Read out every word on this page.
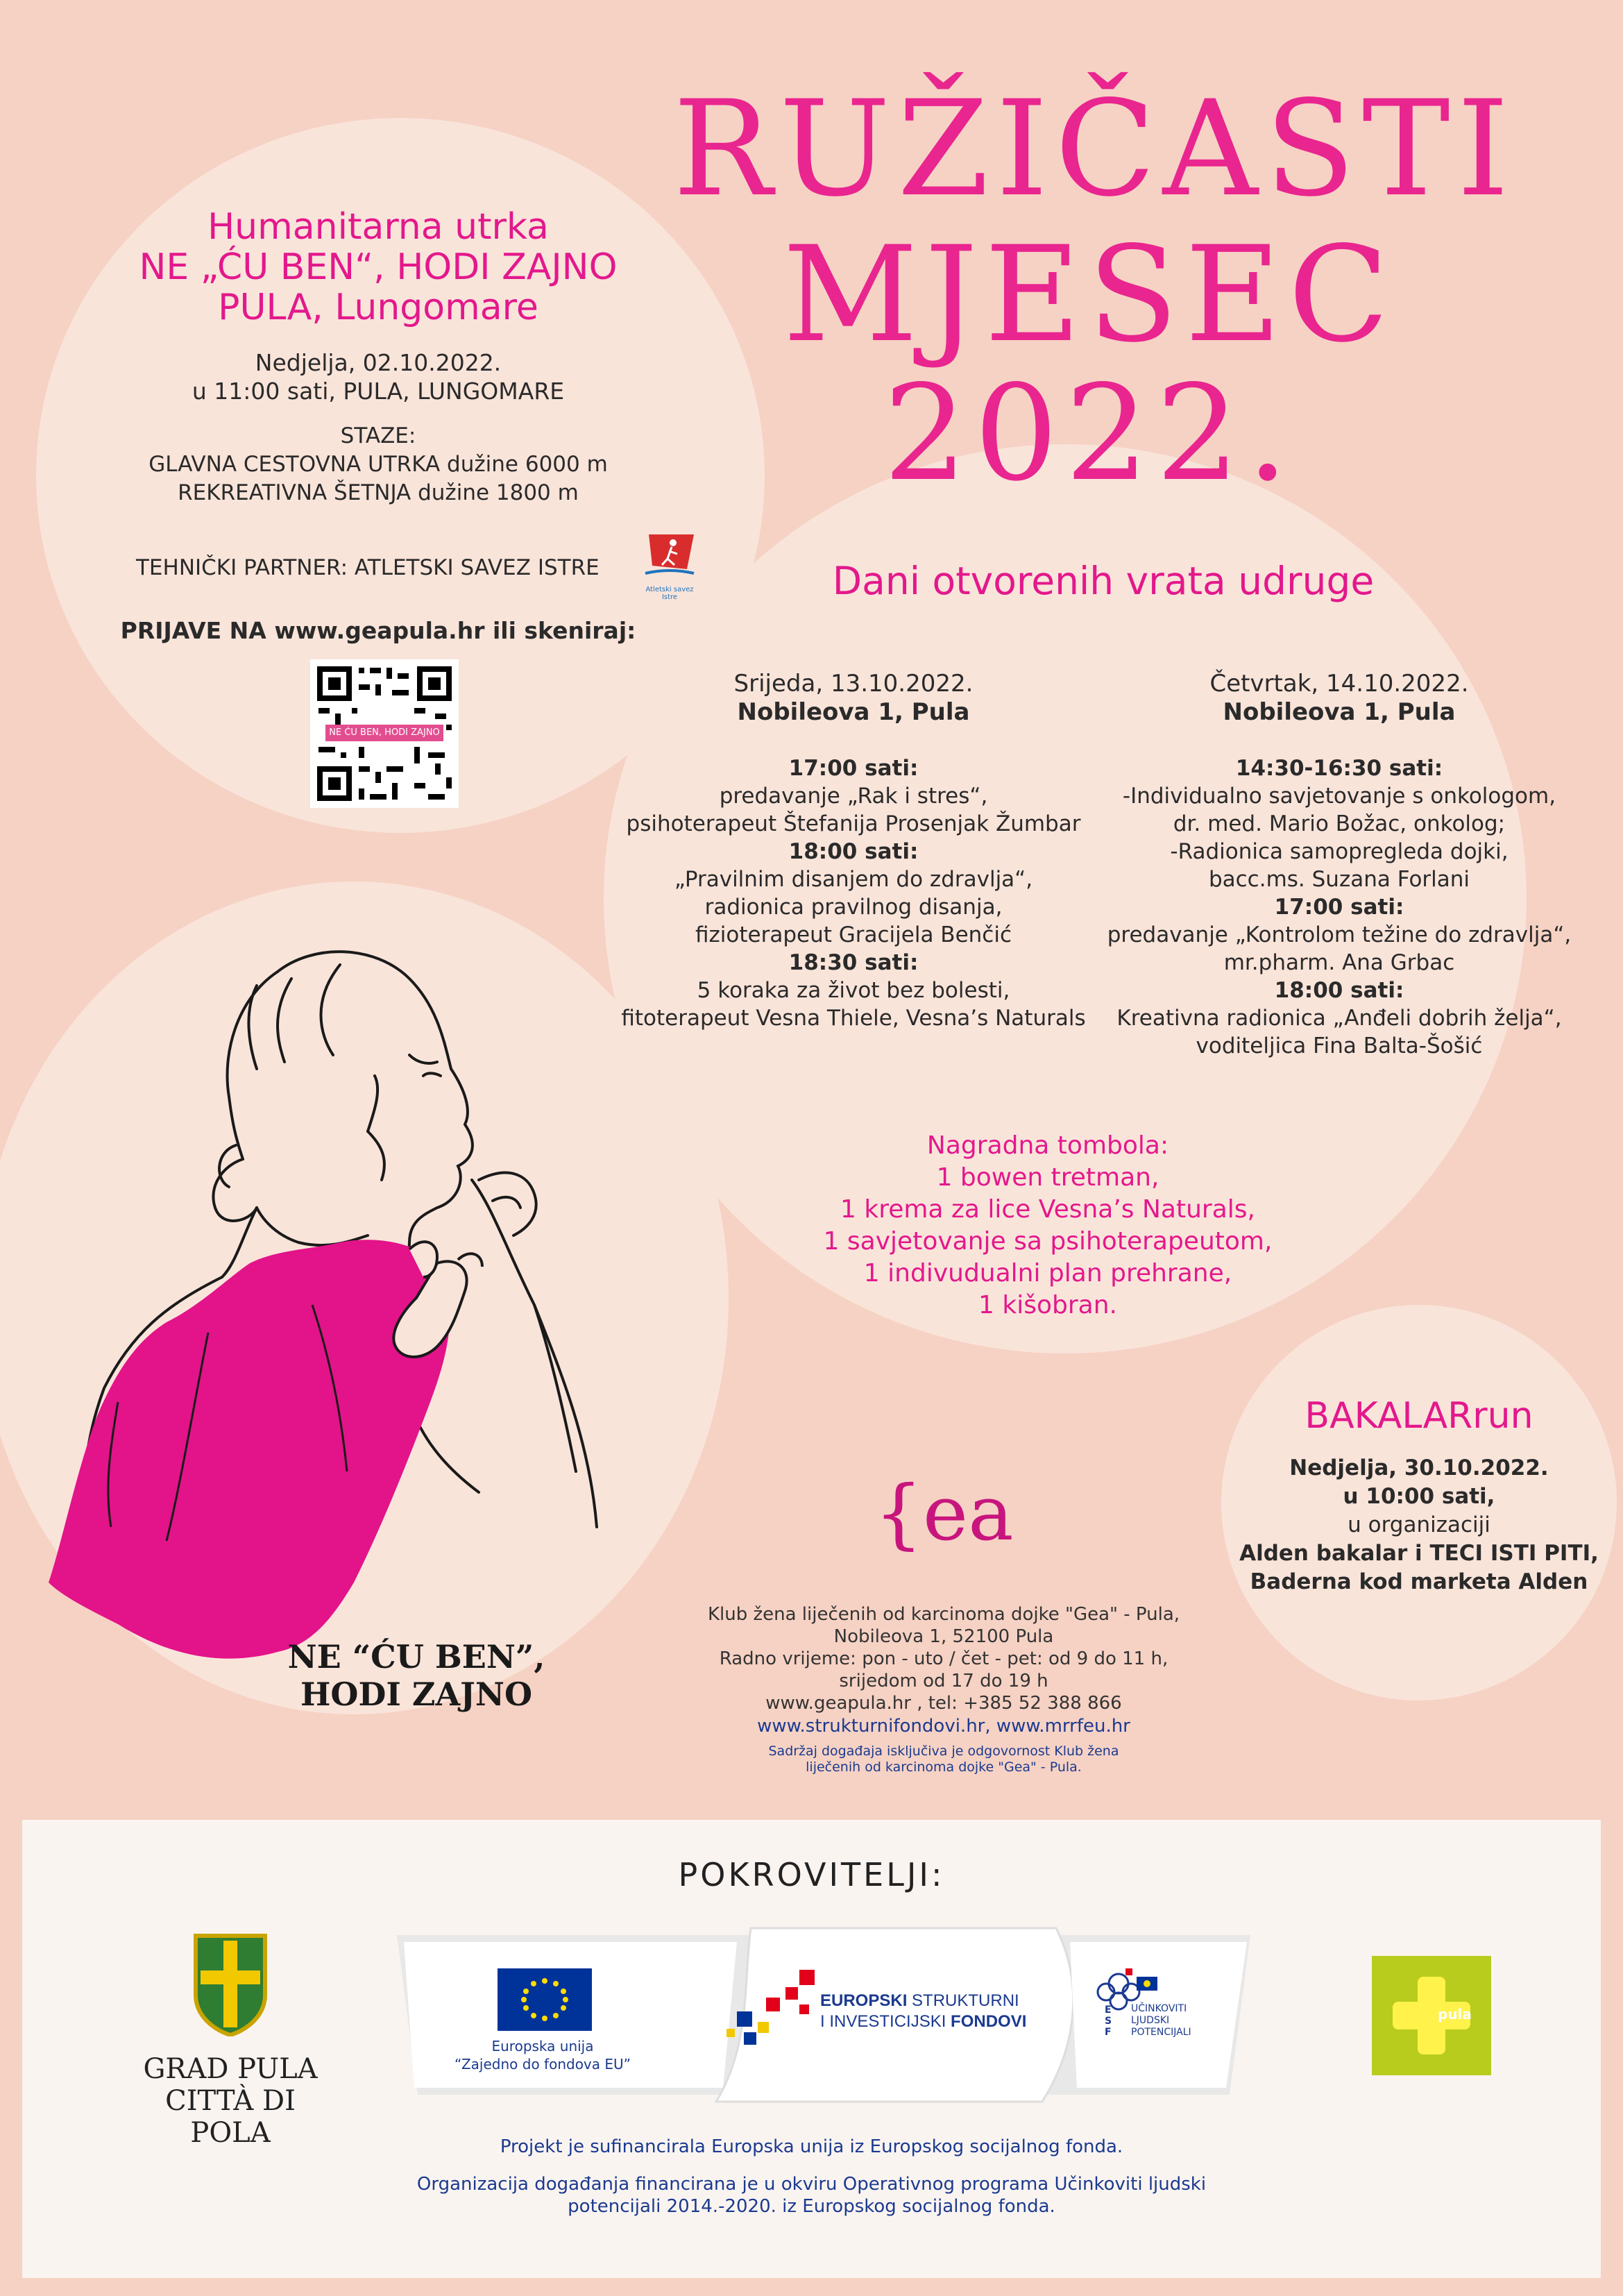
RUŽIČASTI
MJESEC
2022.
Humanitarna utrka
NE „ĆU BEN“, HODI ZAJNO
PULA, Lungomare
Nedjelja, 02.10.2022.
u 11:00 sati, PULA, LUNGOMARE
STAZE:
GLAVNA CESTOVNA UTRKA dužine 6000 m
REKREATIVNA ŠETNJA dužine 1800 m
TEHNIČKI PARTNER: ATLETSKI SAVEZ ISTRE
Atletski savez Istre
PRIJAVE NA www.geapula.hr ili skeniraj:
NE ĆU BEN, HODI ZAJNO
Dani otvorenih vrata udruge
Srijeda, 13.10.2022.
Nobileova 1, Pula
17:00 sati:
predavanje „Rak i stres“,
psihoterapeut Štefanija Prosenjak Žumbar
18:00 sati:
„Pravilnim disanjem do zdravlja“,
radionica pravilnog disanja,
fizioterapeut Gracijela Benčić
18:30 sati:
5 koraka za život bez bolesti,
fitoterapeut Vesna Thiele, Vesna’s Naturals
Četvrtak, 14.10.2022.
Nobileova 1, Pula
14:30-16:30 sati:
-Individualno savjetovanje s onkologom,
dr. med. Mario Božac, onkolog;
-Radionica samopregleda dojki,
bacc.ms. Suzana Forlani
17:00 sati:
predavanje „Kontrolom težine do zdravlja“,
mr.pharm. Ana Grbac
18:00 sati:
Kreativna radionica „Anđeli dobrih želja“,
voditeljica Fina Balta-Šošić
Nagradna tombola:
1 bowen tretman,
1 krema za lice Vesna’s Naturals,
1 savjetovanje sa psihoterapeutom,
1 indivudualni plan prehrane,
1 kišobran.
BAKALARrun
Nedjelja, 30.10.2022.
u 10:00 sati,
u organizaciji
Alden bakalar i TECI ISTI PITI,
Baderna kod marketa Alden
NE “ĆU BEN”,
HODI ZAJNO
{ea
Klub žena liječenih od karcinoma dojke "Gea" - Pula,
Nobileova 1, 52100 Pula
Radno vrijeme: pon - uto / čet - pet: od 9 do 11 h,
srijedom od 17 do 19 h
www.geapula.hr , tel: +385 52 388 866
www.strukturnifondovi.hr, www.mrrfeu.hr
Sadržaj događaja isključiva je odgovornost Klub žena
liječenih od karcinoma dojke "Gea" - Pula.
POKROVITELJI:
GRAD PULA
CITTÀ DI POLA
Europska unija
“Zajedno do fondova EU”
EUROPSKI STRUKTURNI
I INVESTICIJSKI FONDOVI
ESF
UČINKOVITI
LJUDSKI
POTENCIJALI
pula
Projekt je sufinancirala Europska unija iz Europskog socijalnog fonda.
Organizacija događanja financirana je u okviru Operativnog programa Učinkoviti ljudski
potencijali 2014.-2020. iz Europskog socijalnog fonda.
